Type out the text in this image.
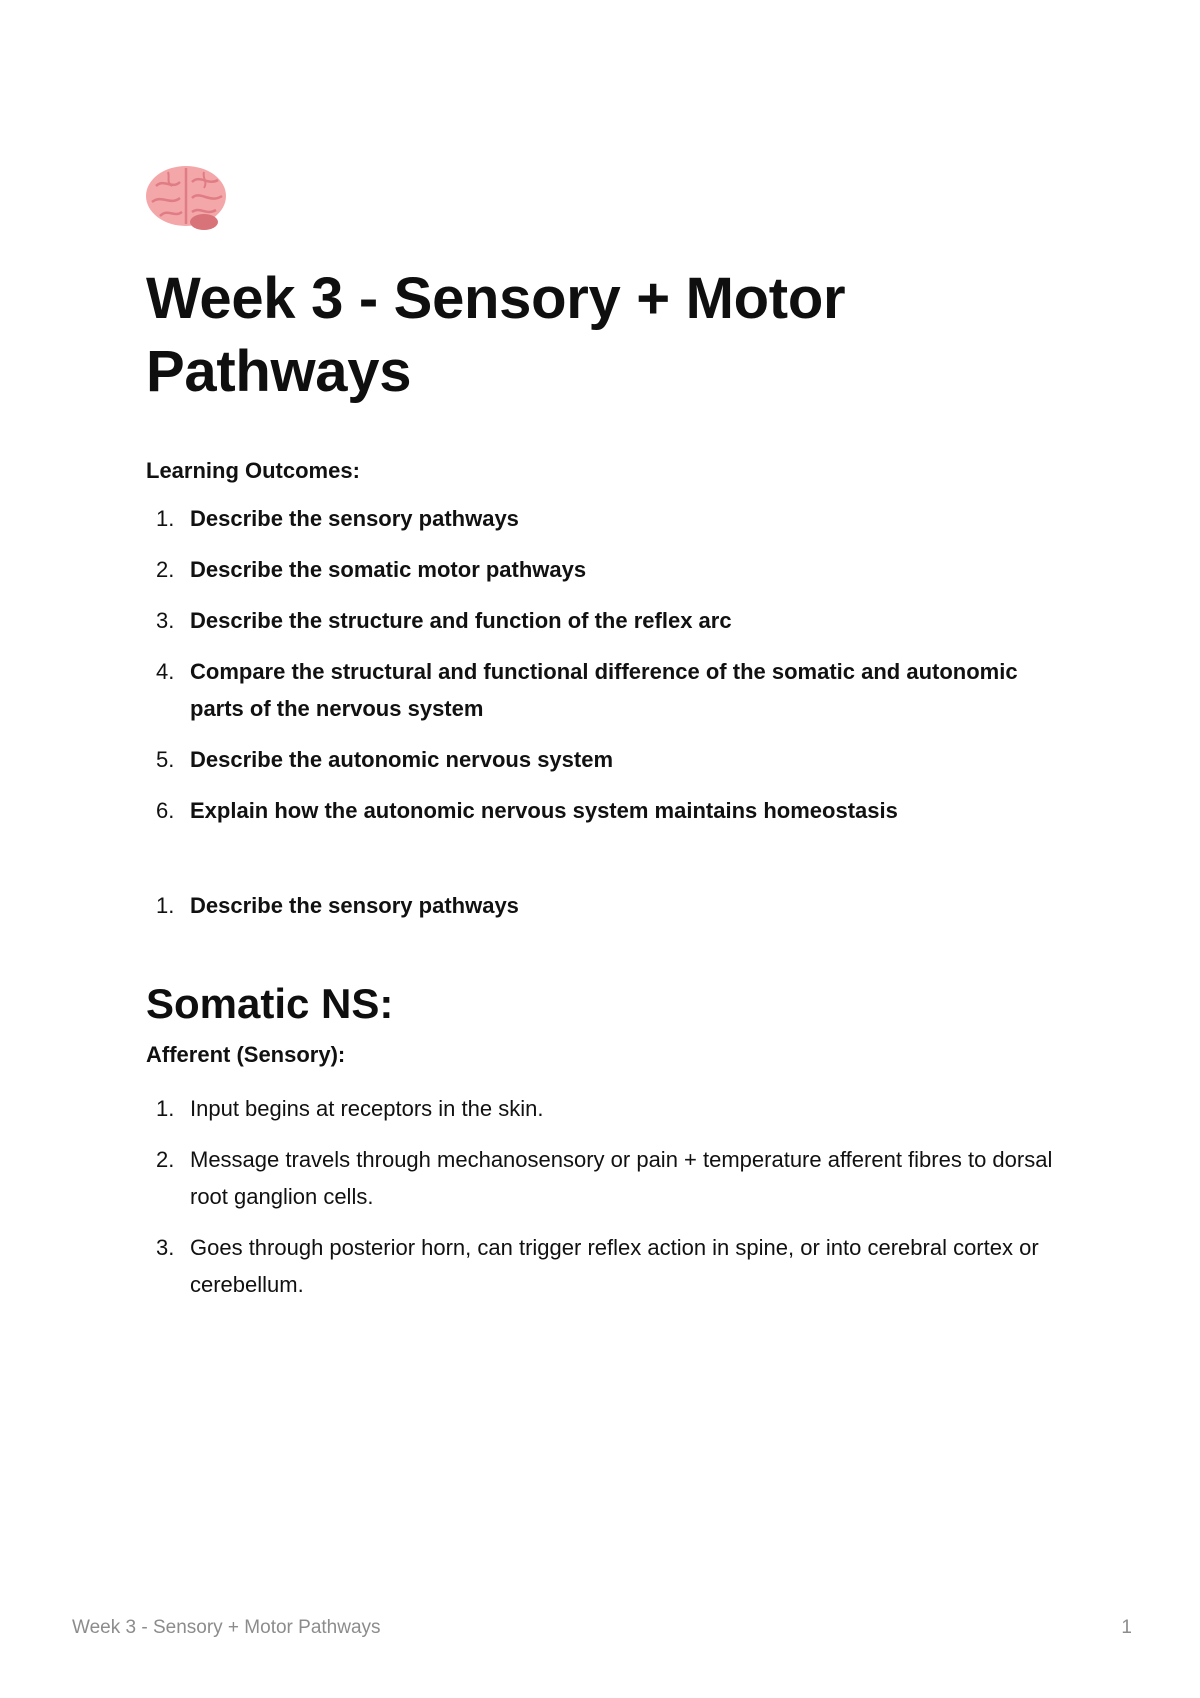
Week 3 - Sensory + Motor Pathways

Learning Outcomes:

1. Describe the sensory pathways
2. Describe the somatic motor pathways
3. Describe the structure and function of the reflex arc
4. Compare the structural and functional difference of the somatic and autonomic parts of the nervous system
5. Describe the autonomic nervous system
6. Explain how the autonomic nervous system maintains homeostasis
1. Describe the sensory pathways
Somatic NS:

Afferent (Sensory):

1. Input begins at receptors in the skin.
2. Message travels through mechanosensory or pain + temperature afferent fibres to dorsal root ganglion cells.
3. Goes through posterior horn, can trigger reflex action in spine, or into cerebral cortex or cerebellum.
Week 3 - Sensory + Motor Pathways	1
